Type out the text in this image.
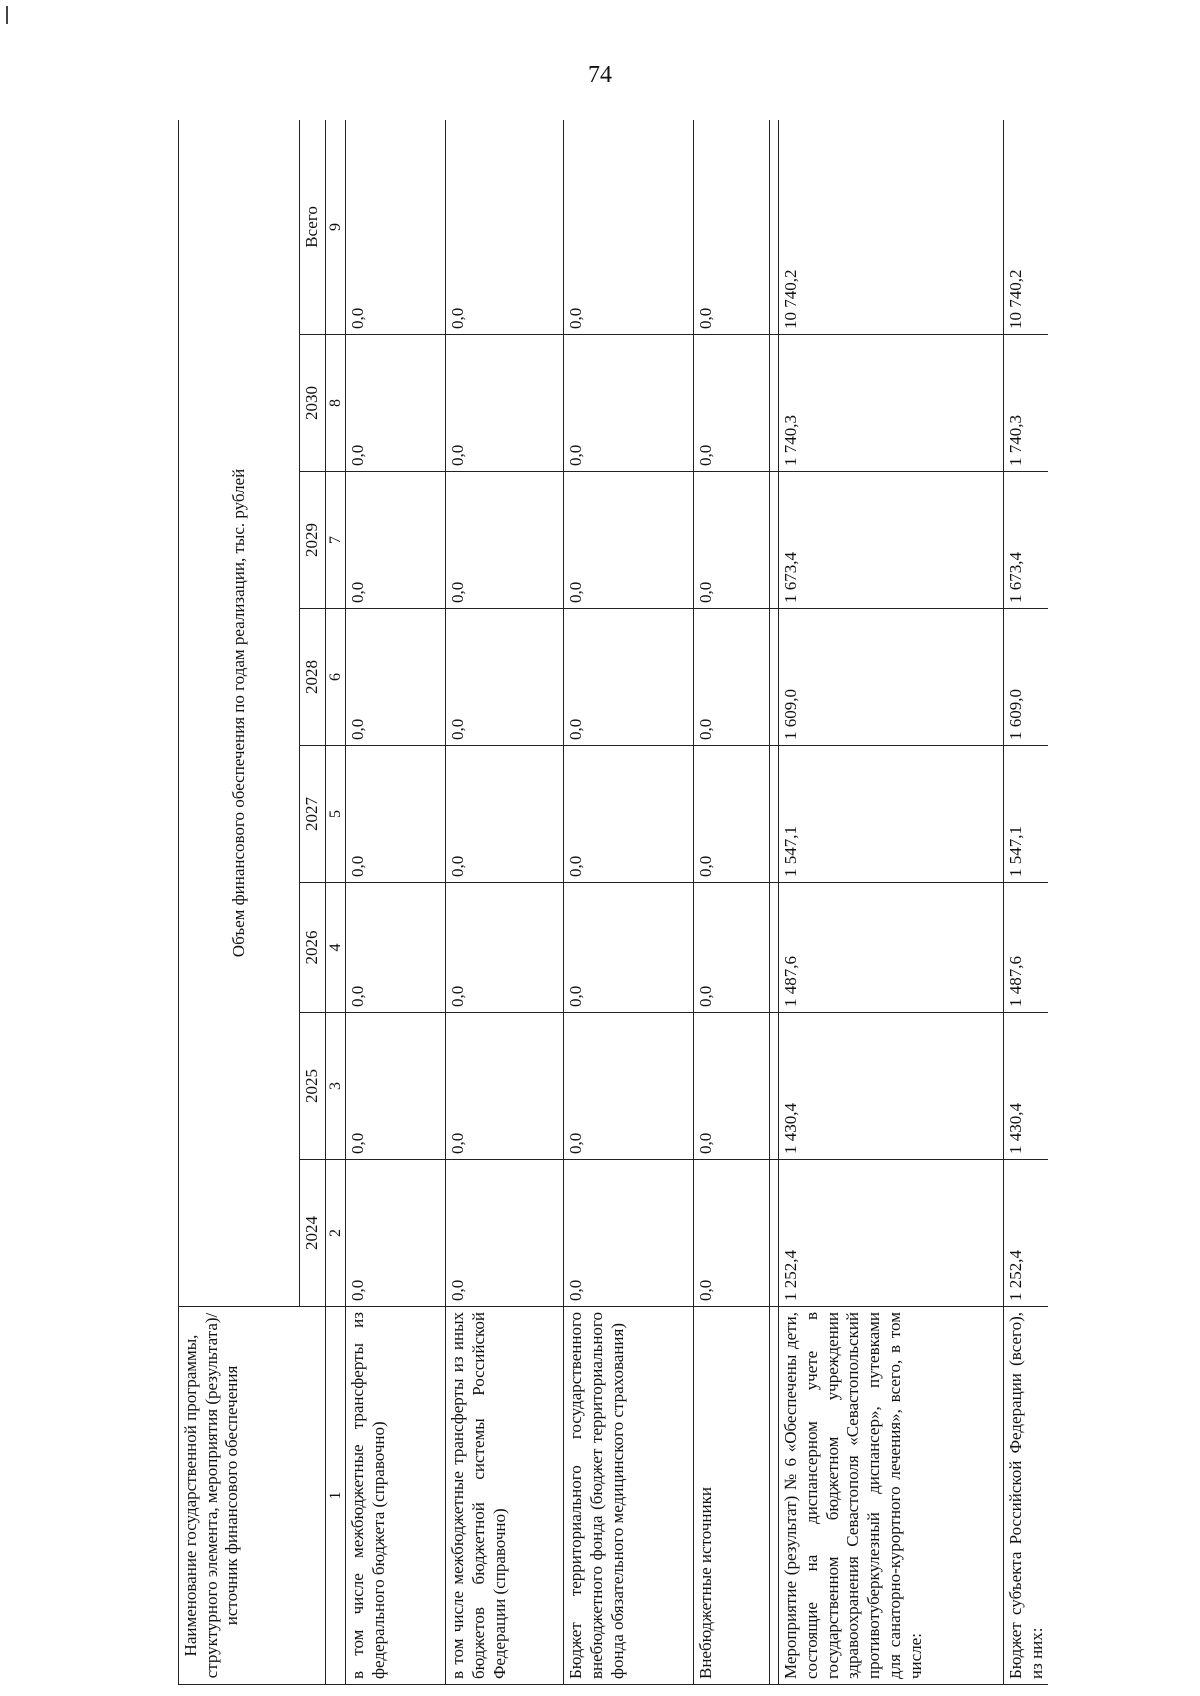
74
Наименование государственной программы, структурного элемента, мероприятия (результата)/источник финансового обеспечения	Объем финансового обеспечения по годам реализации, тыс. рублей							
	2024	2025	2026	2027	2028	2029	2030	Всего
1	2	3	4	5	6	7	8	9
в том числе межбюджетные трансферты из федерального бюджета (справочно)	0,0	0,0	0,0	0,0	0,0	0,0	0,0	0,0
в том числе межбюджетные трансферты из иных бюджетов бюджетной системы Российской Федерации (справочно)	0,0	0,0	0,0	0,0	0,0	0,0	0,0	0,0
Бюджет территориального государственного внебюджетного фонда (бюджет территориального фонда обязательного медицинского страхования)	0,0	0,0	0,0	0,0	0,0	0,0	0,0	0,0
Внебюджетные источники	0,0	0,0	0,0	0,0	0,0	0,0	0,0	0,0

Мероприятие (результат) № 6 «Обеспечены дети, состоящие на диспансерном учете в государственном бюджетном учреждении здравоохранения Севастополя «Севастопольский противотуберкулезный диспансер», путевками для санаторно-курортного лечения», всего, в том числе:	1 252,4	1 430,4	1 487,6	1 547,1	1 609,0	1 673,4	1 740,3	10 740,2
Бюджет субъекта Российской Федерации (всего), из них:	1 252,4	1 430,4	1 487,6	1 547,1	1 609,0	1 673,4	1 740,3	10 740,2
